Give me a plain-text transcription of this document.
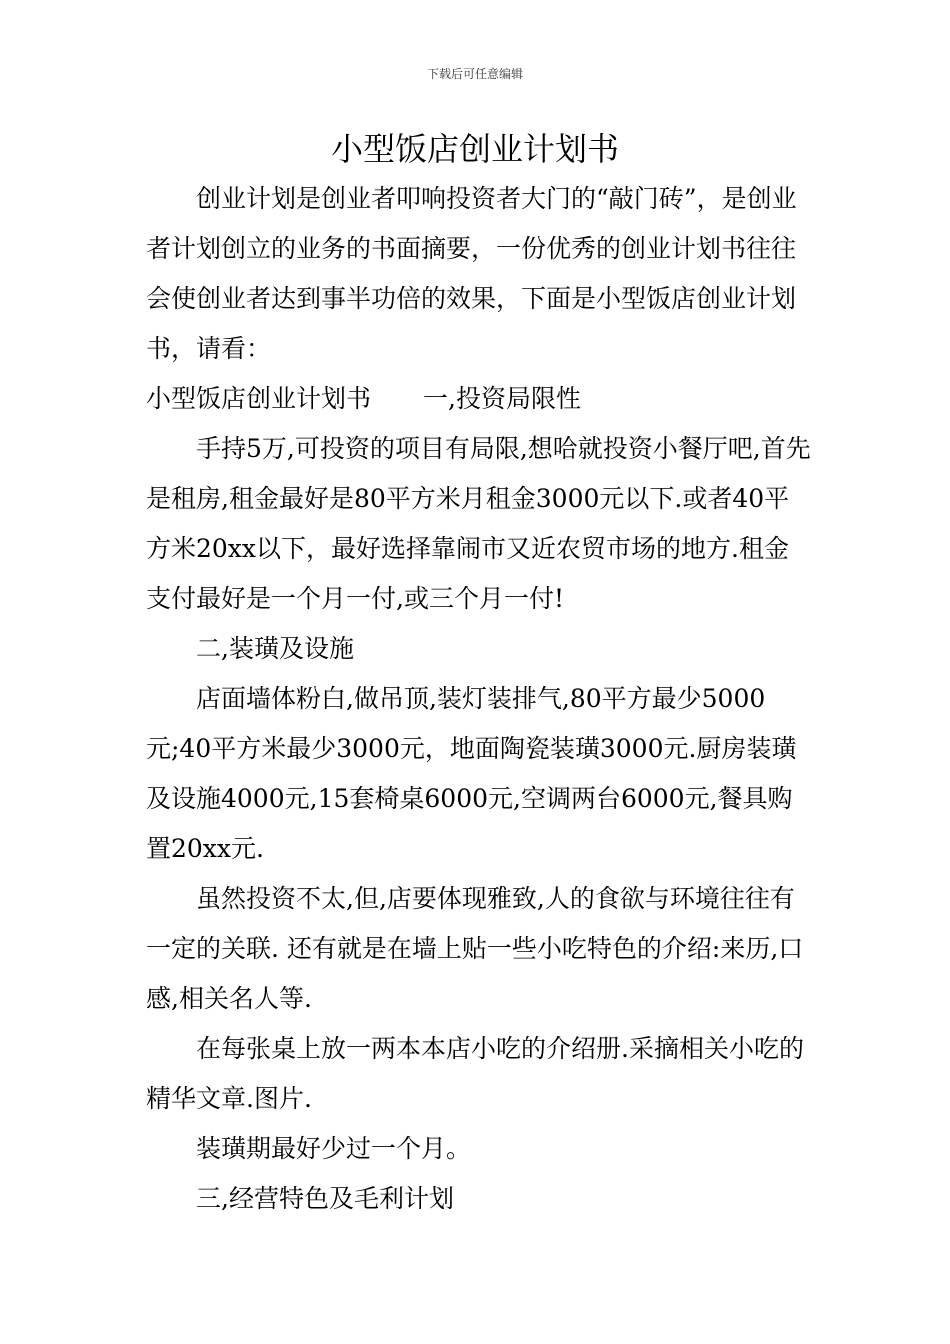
下载后可任意编辑
小型饭店创业计划书

创业计划是创业者叩响投资者大门的“敲门砖”，是创业者计划创立的业务的书面摘要，一份优秀的创业计划书往往会使创业者达到事半功倍的效果，下面是小型饭店创业计划书，请看：

小型饭店创业计划书 一,投资局限性

手持5万,可投资的项目有局限,想哈就投资小餐厅吧,首先是租房,租金最好是80平方米月租金3000元以下.或者40平方米20xx以下，最好选择靠闹市又近农贸市场的地方.租金支付最好是一个月一付,或三个月一付!

二,装璜及设施

店面墙体粉白,做吊顶,装灯装排气,80平方最少5000元;40平方米最少3000元，地面陶瓷装璜3000元.厨房装璜及设施4000元,15套椅桌6000元,空调两台6000元,餐具购置20xx元.

虽然投资不太,但,店要体现雅致,人的食欲与环境往往有一定的关联. 还有就是在墙上贴一些小吃特色的介绍:来历,口感,相关名人等.

在每张桌上放一两本本店小吃的介绍册.采摘相关小吃的精华文章.图片.

装璜期最好少过一个月。

三,经营特色及毛利计划
